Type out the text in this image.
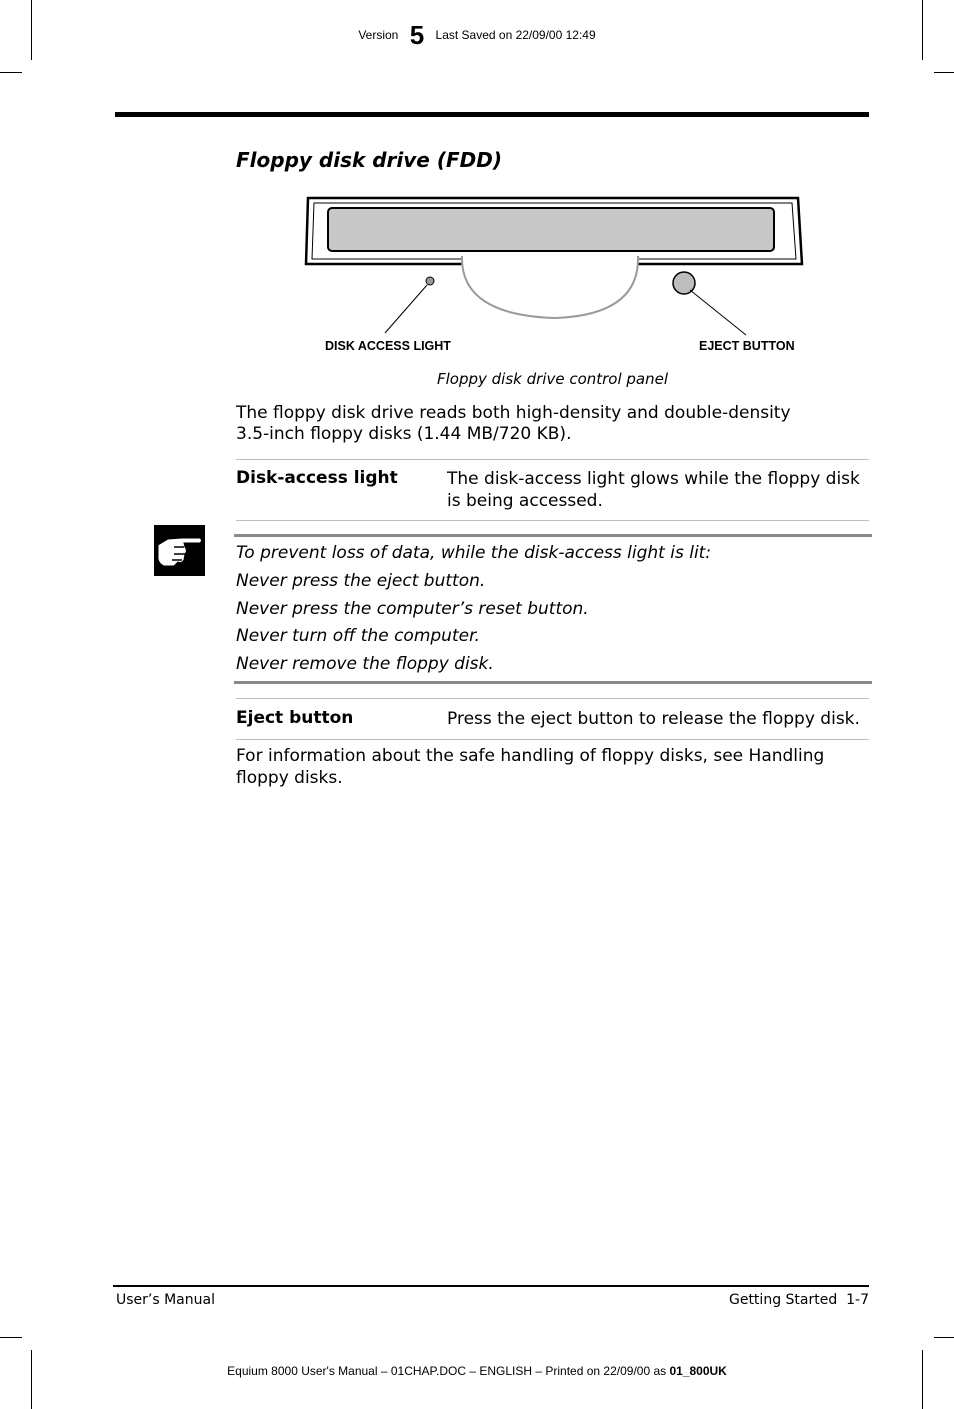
Version 5 Last Saved on 22/09/00 12:49
Floppy disk drive (FDD)
DISK ACCESS LIGHT	EJECT BUTTON
Floppy disk drive control panel
The floppy disk drive reads both high-density and double-density
3.5-inch floppy disks (1.44 MB/720 KB).
Disk-access light	The disk-access light glows while the floppy disk
is being accessed.
To prevent loss of data, while the disk-access light is lit:
Never press the eject button.
Never press the computer’s reset button.
Never turn off the computer.
Never remove the floppy disk.
Eject button	Press the eject button to release the floppy disk.
For information about the safe handling of floppy disks, see Handling
floppy disks.
User’s Manual	Getting Started  1-7
Equium 8000 User's Manual – 01CHAP.DOC – ENGLISH – Printed on 22/09/00 as 01_800UK
